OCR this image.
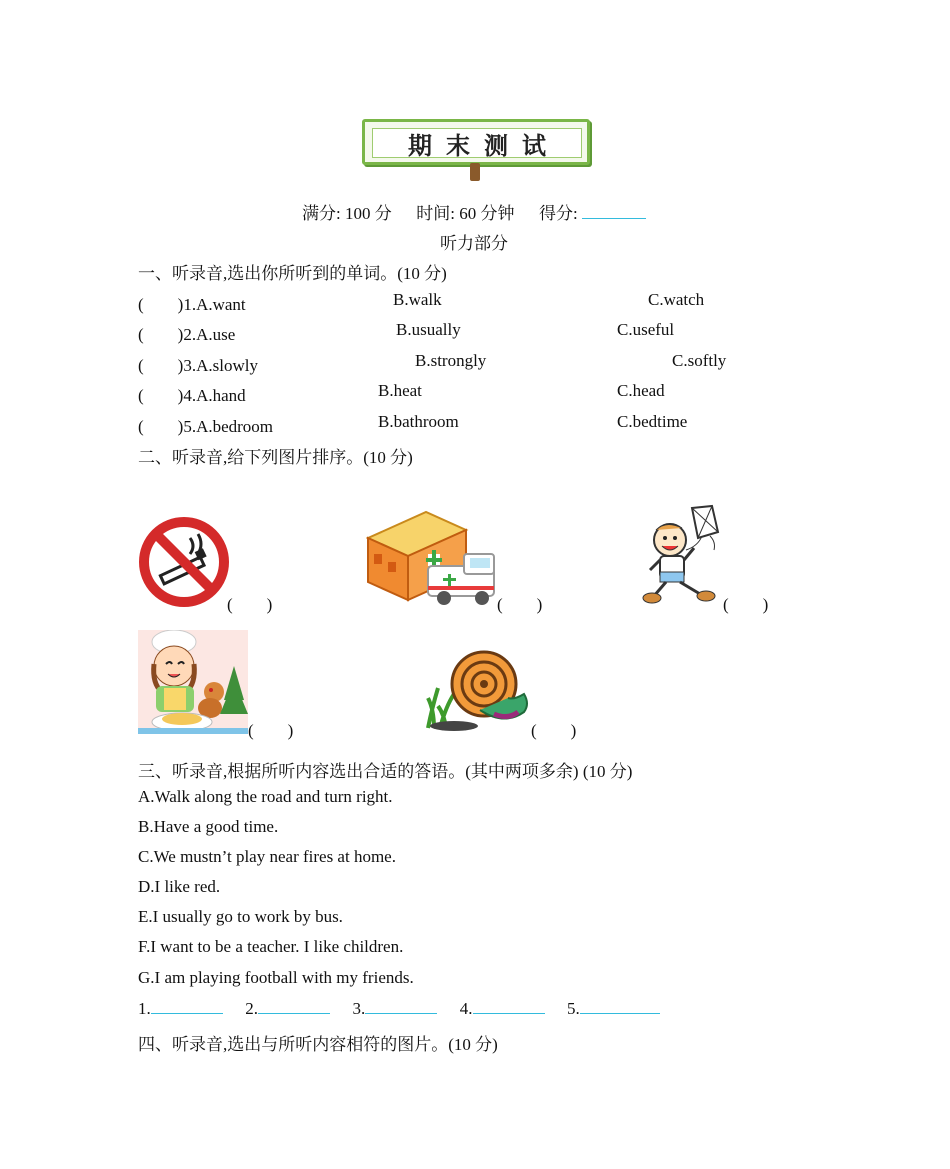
期末测试
满分: 100 分 时间: 60 分钟 得分:
听力部分
一、听录音,选出你所听到的单词。(10 分)
(　　)1.A.want	B.walk	C.watch
(　　)2.A.use	B.usually	C.useful
(　　)3.A.slowly	B.strongly	C.softly
(　　)4.A.hand	B.heat	C.head
(　　)5.A.bedroom	B.bathroom	C.bedtime
二、听录音,给下列图片排序。(10 分)
(　　)	(　　)	(　　)
(　　)	(　　)
三、听录音,根据所听内容选出合适的答语。(其中两项多余) (10 分)
A.Walk along the road and turn right.
B.Have a good time.
C.We mustn’t play near fires at home.
D.I like red.
E.I usually go to work by bus.
F.I want to be a teacher. I like children.
G.I am playing football with my friends.
1.	2.	3.	4.	5.
四、听录音,选出与所听内容相符的图片。(10 分)
